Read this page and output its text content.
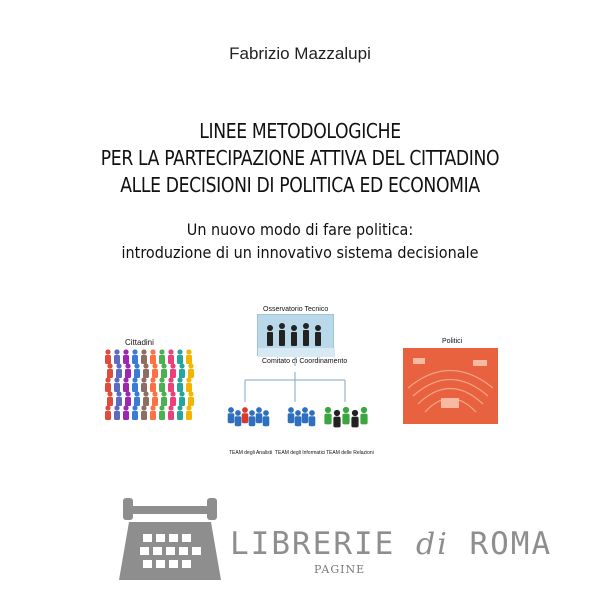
Fabrizio Mazzalupi
LINEE METODOLOGICHE
PER LA PARTECIPAZIONE ATTIVA DEL CITTADINO
ALLE DECISIONI DI POLITICA ED ECONOMIA
Un nuovo modo di fare politica:
introduzione di un innovativo sistema decisionale
Cittadini
Osservatorio Tecnico
Politici
Comitato di Coordinamento
TEAM degli Analisti TEAM degli Informatici TEAM delle Relazioni
LIBRERIE di ROMA
PAGINE
